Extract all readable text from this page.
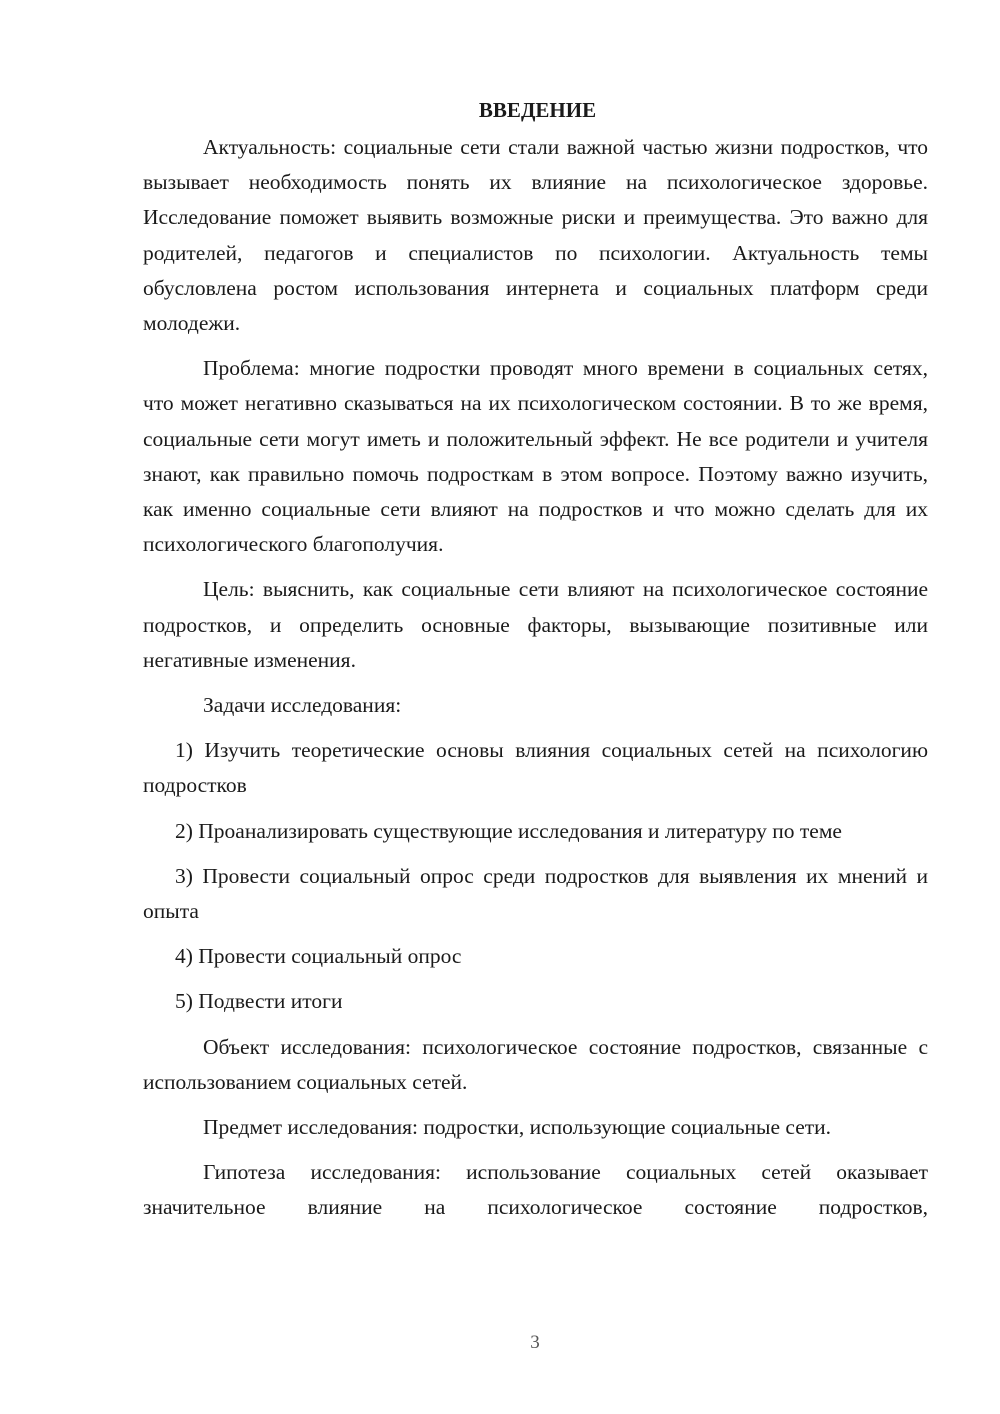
ВВЕДЕНИЕ

Актуальность: социальные сети стали важной частью жизни подростков, что вызывает необходимость понять их влияние на психологическое здоровье. Исследование поможет выявить возможные риски и преимущества. Это важно для родителей, педагогов и специалистов по психологии. Актуальность темы обусловлена ростом использования интернета и социальных платформ среди молодежи.

Проблема: многие подростки проводят много времени в социальных сетях, что может негативно сказываться на их психологическом состоянии. В то же время, социальные сети могут иметь и положительный эффект. Не все родители и учителя знают, как правильно помочь подросткам в этом вопросе. Поэтому важно изучить, как именно социальные сети влияют на подростков и что можно сделать для их психологического благополучия.

Цель: выяснить, как социальные сети влияют на психологическое состояние подростков, и определить основные факторы, вызывающие позитивные или негативные изменения.

Задачи исследования:

1) Изучить теоретические основы влияния социальных сетей на психологию подростков

2) Проанализировать существующие исследования и литературу по теме

3) Провести социальный опрос среди подростков для выявления их мнений и опыта

4) Провести социальный опрос

5) Подвести итоги

Объект исследования: психологическое состояние подростков, связанные с использованием социальных сетей.

Предмет исследования: подростки, использующие социальные сети.

Гипотеза исследования: использование социальных сетей оказывает значительное влияние на психологическое состояние подростков,

3
